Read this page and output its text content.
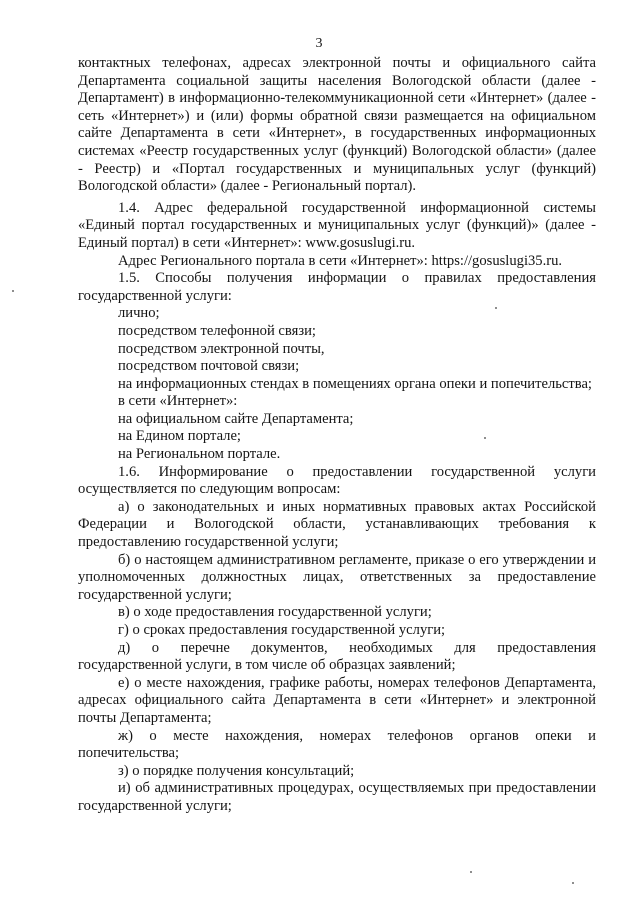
3

контактных телефонах, адресах электронной почты и официального сайта Департамента социальной защиты населения Вологодской области (далее - Департамент) в информационно-телекоммуникационной сети «Интернет» (далее - сеть «Интернет») и (или) формы обратной связи размещается на официальном сайте Департамента в сети «Интернет», в государственных информационных системах «Реестр государственных услуг (функций) Вологодской области» (далее - Реестр) и «Портал государственных и муниципальных услуг (функций) Вологодской области» (далее - Региональный портал).

1.4. Адрес федеральной государственной информационной системы «Единый портал государственных и муниципальных услуг (функций)» (далее - Единый портал) в сети «Интернет»: www.gosuslugi.ru.

Адрес Регионального портала в сети «Интернет»: https://gosuslugi35.ru.

1.5. Способы получения информации о правилах предоставления государственной услуги:

лично;

посредством телефонной связи;

посредством электронной почты,

посредством почтовой связи;

на информационных стендах в помещениях органа опеки и попечительства;

в сети «Интернет»:

на официальном сайте Департамента;

на Едином портале;

на Региональном портале.

1.6. Информирование о предоставлении государственной услуги осуществляется по следующим вопросам:

а) о законодательных и иных нормативных правовых актах Российской Федерации и Вологодской области, устанавливающих требования к предоставлению государственной услуги;

б) о настоящем административном регламенте, приказе о его утверждении и уполномоченных должностных лицах, ответственных за предоставление государственной услуги;

в) о ходе предоставления государственной услуги;

г) о сроках предоставления государственной услуги;

д) о перечне документов, необходимых для предоставления государственной услуги, в том числе об образцах заявлений;

е) о месте нахождения, графике работы, номерах телефонов Департамента, адресах официального сайта Департамента в сети «Интернет» и электронной почты Департамента;

ж) о месте нахождения, номерах телефонов органов опеки и попечительства;

з) о порядке получения консультаций;

и) об административных процедурах, осуществляемых при предоставлении государственной услуги;
